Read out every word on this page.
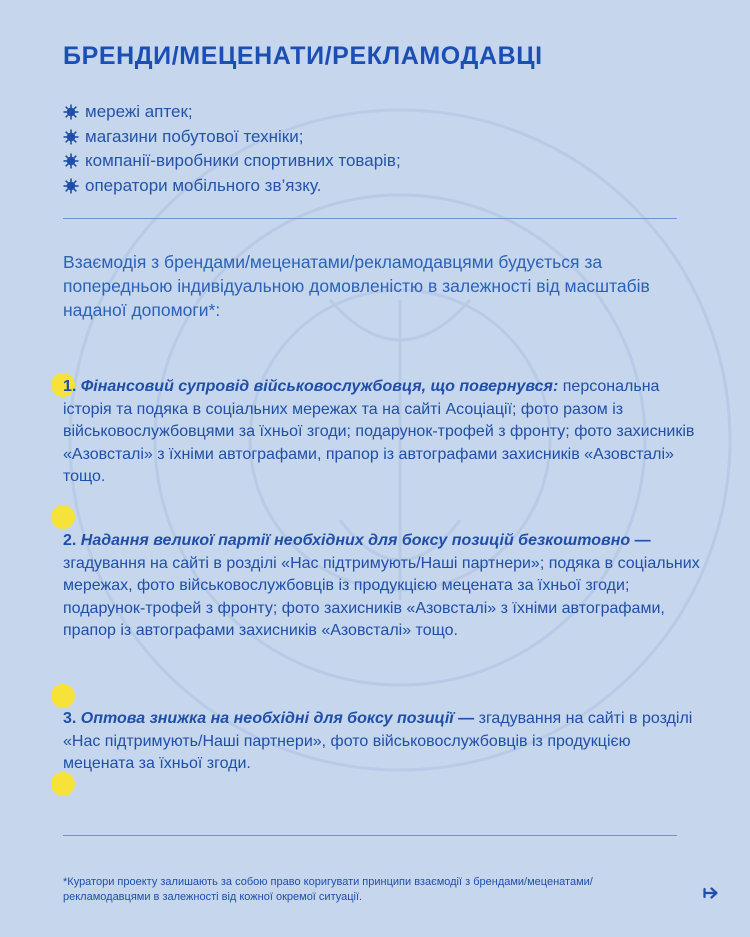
БРЕНДИ/МЕЦЕНАТИ/РЕКЛАМОДАВЦІ
мережі аптек;
магазини побутової техніки;
компанії-виробники спортивних товарів;
оператори мобільного зв’язку.

Взаємодія з брендами/меценатами/рекламодавцями будується за попередньою індивідуальною домовленістю в залежності від масштабів наданої допомоги*:

1. Фінансовий супровід військовослужбовця, що повернувся: персональна історія та подяка в соціальних мережах та на сайті Асоціації; фото разом із військовослужбовцями за їхньої згоди; подарунок-трофей з фронту; фото захисників «Азовсталі» з їхніми автографами, прапор із автографами захисників «Азовсталі» тощо.

2. Надання великої партії необхідних для боксу позицій безкоштовно — згадування на сайті в розділі «Нас підтримують/Наші партнери»; подяка в соціальних мережах, фото військовослужбовців із продукцією мецената за їхньої згоди; подарунок-трофей з фронту; фото захисників «Азовсталі» з їхніми автографами, прапор із автографами захисників «Азовсталі» тощо.

3. Оптова знижка на необхідні для боксу позиції — згадування на сайті в розділі «Нас підтримують/Наші партнери», фото військовослужбовців із продукцією мецената за їхньої згоди.

*Куратори проекту залишають за собою право коригувати принципи взаємодії з брендами/меценатами/рекламодавцями в залежності від кожної окремої ситуації.
